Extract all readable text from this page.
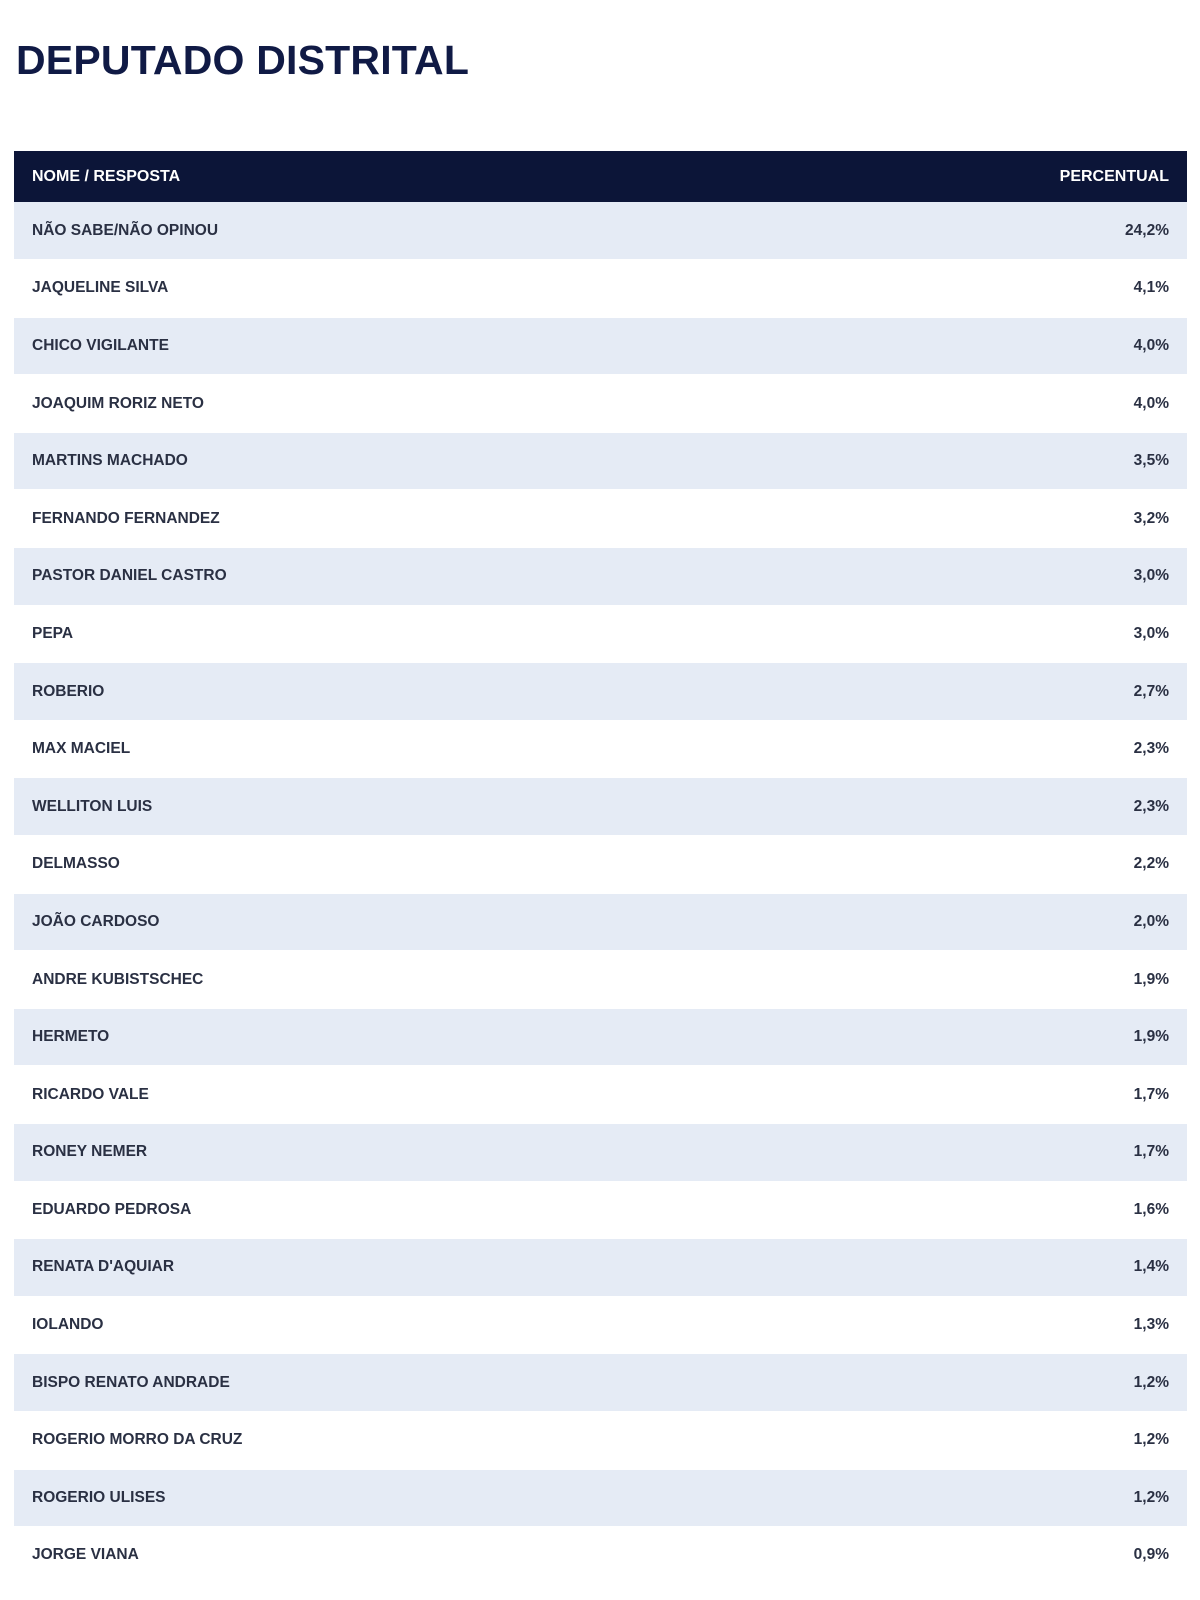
DEPUTADO DISTRITAL
NOME / RESPOSTA	PERCENTUAL
NÃO SABE/NÃO OPINOU	24,2%
JAQUELINE SILVA	4,1%
CHICO VIGILANTE	4,0%
JOAQUIM RORIZ NETO	4,0%
MARTINS MACHADO	3,5%
FERNANDO FERNANDEZ	3,2%
PASTOR DANIEL CASTRO	3,0%
PEPA	3,0%
ROBERIO	2,7%
MAX MACIEL	2,3%
WELLITON LUIS	2,3%
DELMASSO	2,2%
JOÃO CARDOSO	2,0%
ANDRE KUBISTSCHEC	1,9%
HERMETO	1,9%
RICARDO VALE	1,7%
RONEY NEMER	1,7%
EDUARDO PEDROSA	1,6%
RENATA D'AQUIAR	1,4%
IOLANDO	1,3%
BISPO RENATO ANDRADE	1,2%
ROGERIO MORRO DA CRUZ	1,2%
ROGERIO ULISES	1,2%
JORGE VIANA	0,9%
